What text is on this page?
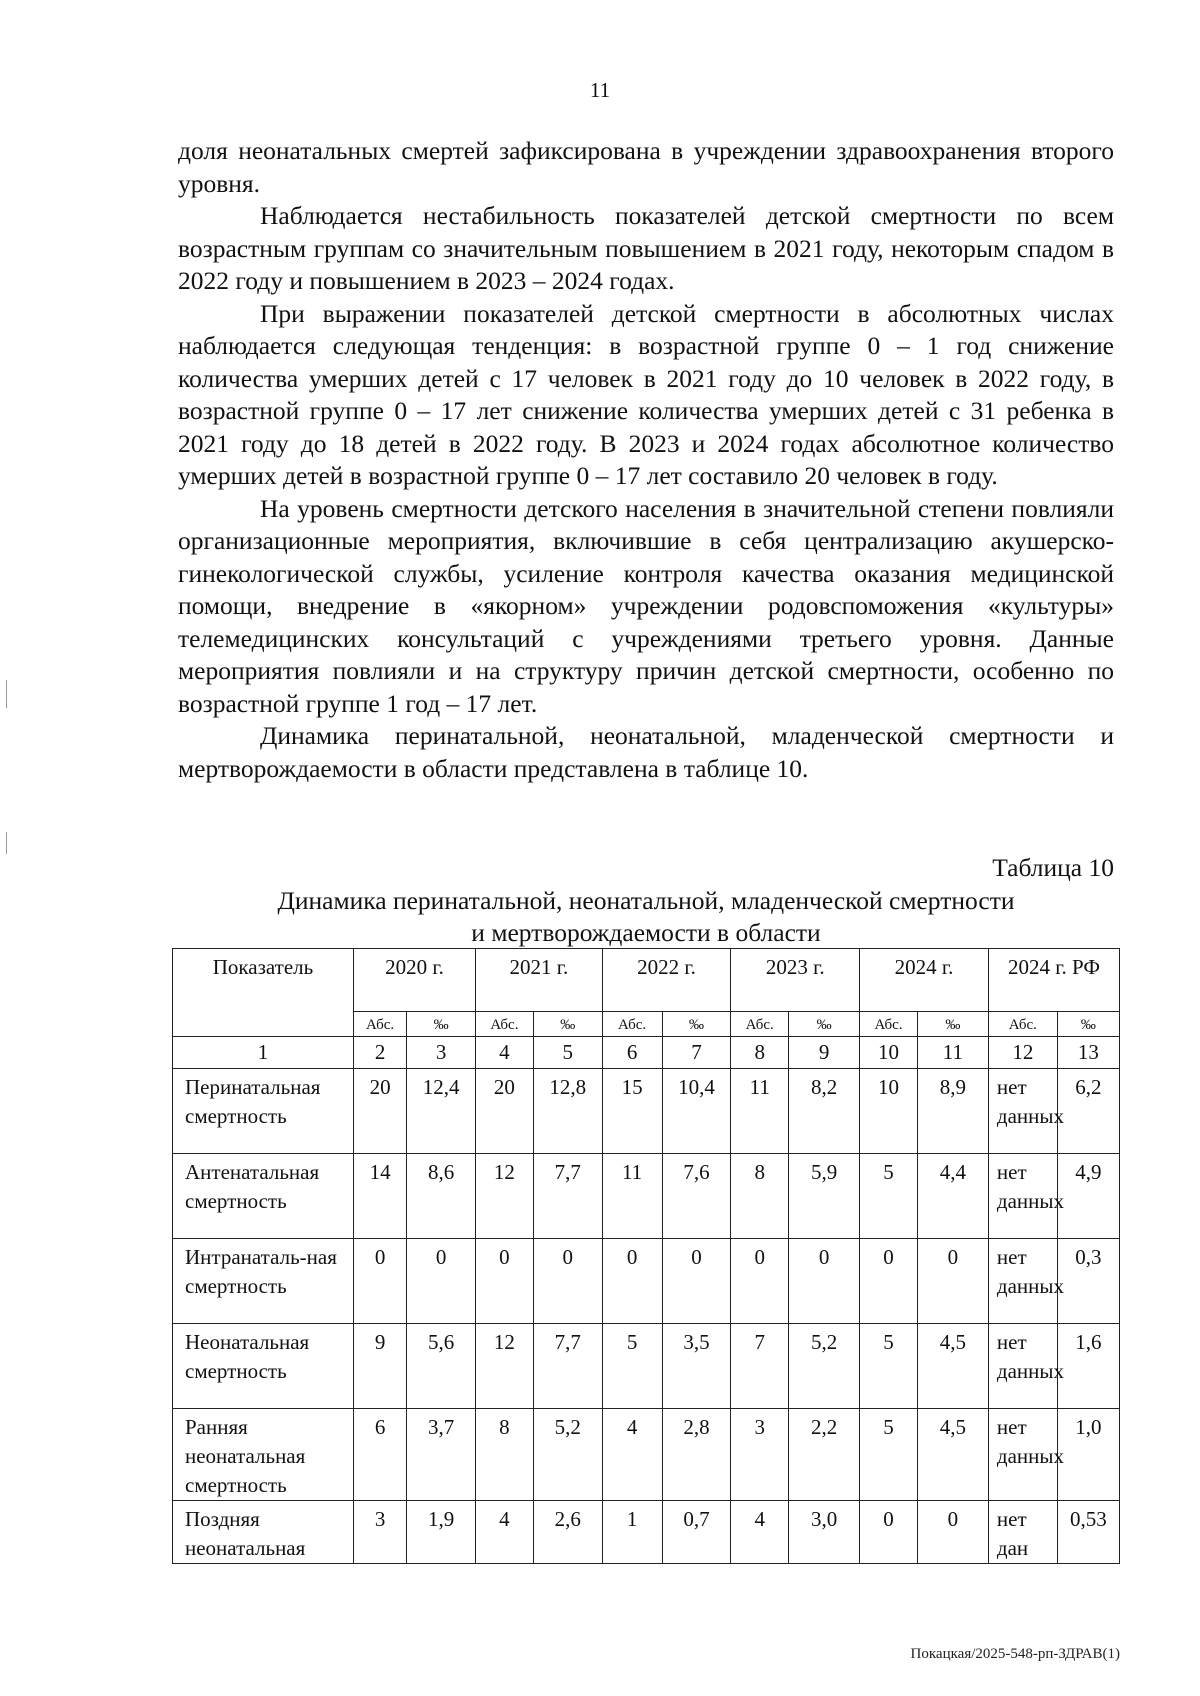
11

доля неонатальных смертей зафиксирована в учреждении здравоохранения второго уровня.

Наблюдается нестабильность показателей детской смертности по всем возрастным группам со значительным повышением в 2021 году, некоторым спадом в 2022 году и повышением в 2023 – 2024 годах.

При выражении показателей детской смертности в абсолютных числах наблюдается следующая тенденция: в возрастной группе 0 – 1 год снижение количества умерших детей с 17 человек в 2021 году до 10 человек в 2022 году, в возрастной группе 0 – 17 лет снижение количества умерших детей с 31 ребенка в 2021 году до 18 детей в 2022 году. В 2023 и 2024 годах абсолютное количество умерших детей в возрастной группе 0 – 17 лет составило 20 человек в году.

На уровень смертности детского населения в значительной степени повлияли организационные мероприятия, включившие в себя централизацию акушерско-гинекологической службы, усиление контроля качества оказания медицинской помощи, внедрение в «якорном» учреждении родовспоможения «культуры» телемедицинских консультаций с учреждениями третьего уровня. Данные мероприятия повлияли и на структуру причин детской смертности, особенно по возрастной группе 1 год – 17 лет.

Динамика перинатальной, неонатальной, младенческой смертности и мертворождаемости в области представлена в таблице 10.

Таблица 10
Динамика перинатальной, неонатальной, младенческой смертности
и мертворождаемости в области
Показатель	2020 г.		2021 г.		2022 г.		2023 г.		2024 г.		2024 г. РФ	
	Абс.	‰	Абс.	‰	Абс.	‰	Абс.	‰	Абс.	‰	Абс.	‰
1	2	3	4	5	6	7	8	9	10	11	12	13
Перинатальная смертность	20	12,4	20	12,8	15	10,4	11	8,2	10	8,9	нет данных	6,2
Антенатальная смертность	14	8,6	12	7,7	11	7,6	8	5,9	5	4,4	нет данных	4,9
Интранаталь-ная смертность	0	0	0	0	0	0	0	0	0	0	нет данных	0,3
Неонатальная смертность	9	5,6	12	7,7	5	3,5	7	5,2	5	4,5	нет данных	1,6
Ранняя неонатальная смертность	6	3,7	8	5,2	4	2,8	3	2,2	5	4,5	нет данных	1,0
Поздняя неонатальная	3	1,9	4	2,6	1	0,7	4	3,0	0	0	нет дан	0,53
Покацкая/2025-548-рп-ЗДРАВ(1)
